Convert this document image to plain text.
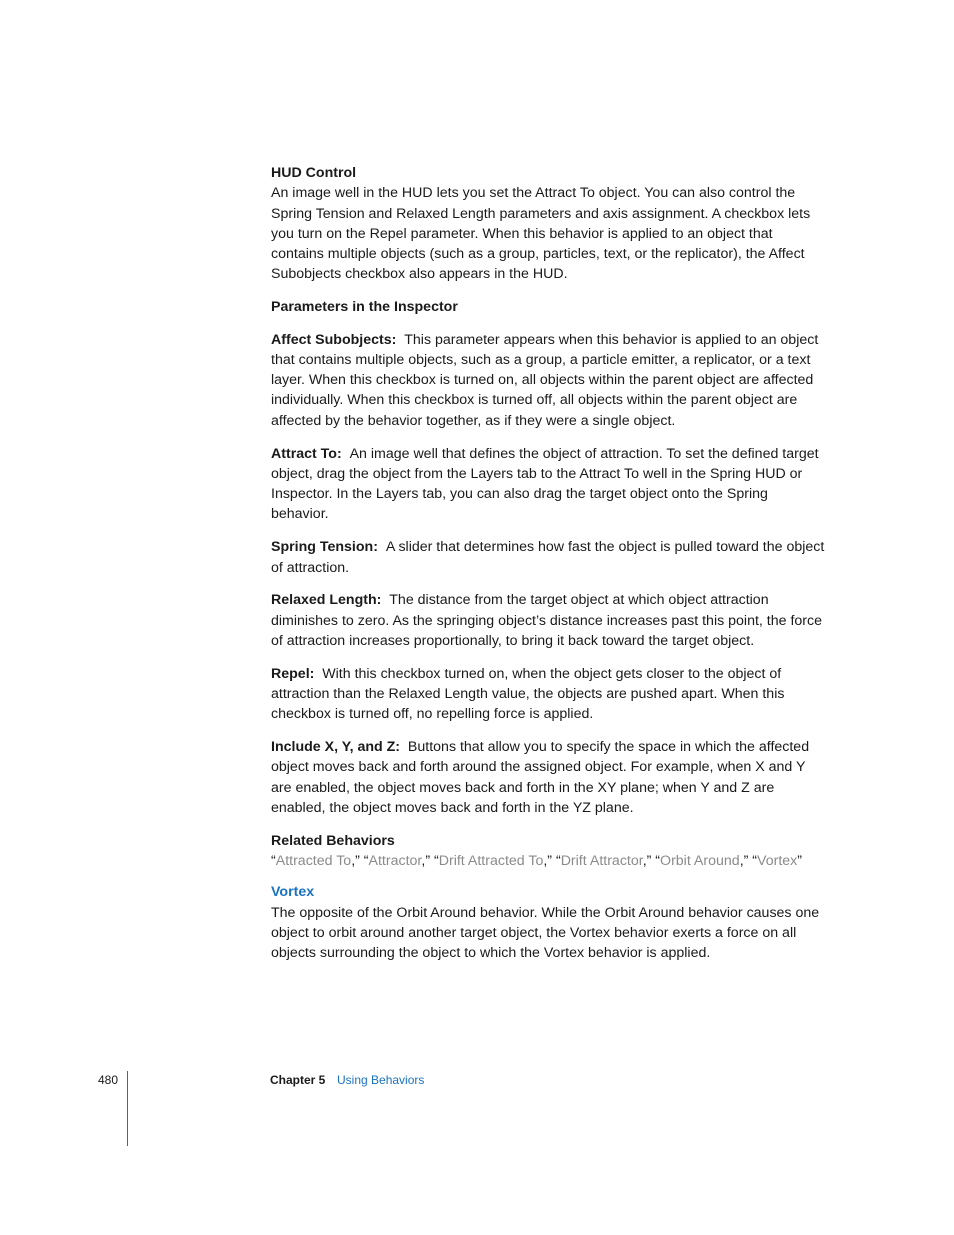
HUD Control

An image well in the HUD lets you set the Attract To object. You can also control the Spring Tension and Relaxed Length parameters and axis assignment. A checkbox lets you turn on the Repel parameter. When this behavior is applied to an object that contains multiple objects (such as a group, particles, text, or the replicator), the Affect Subobjects checkbox also appears in the HUD.

Parameters in the Inspector

Affect Subobjects: This parameter appears when this behavior is applied to an object that contains multiple objects, such as a group, a particle emitter, a replicator, or a text layer. When this checkbox is turned on, all objects within the parent object are affected individually. When this checkbox is turned off, all objects within the parent object are affected by the behavior together, as if they were a single object.

Attract To: An image well that defines the object of attraction. To set the defined target object, drag the object from the Layers tab to the Attract To well in the Spring HUD or Inspector. In the Layers tab, you can also drag the target object onto the Spring behavior.

Spring Tension: A slider that determines how fast the object is pulled toward the object of attraction.

Relaxed Length: The distance from the target object at which object attraction diminishes to zero. As the springing object’s distance increases past this point, the force of attraction increases proportionally, to bring it back toward the target object.

Repel: With this checkbox turned on, when the object gets closer to the object of attraction than the Relaxed Length value, the objects are pushed apart. When this checkbox is turned off, no repelling force is applied.

Include X, Y, and Z: Buttons that allow you to specify the space in which the affected object moves back and forth around the assigned object. For example, when X and Y are enabled, the object moves back and forth in the XY plane; when Y and Z are enabled, the object moves back and forth in the YZ plane.

Related Behaviors

“Attracted To,” “Attractor,” “Drift Attracted To,” “Drift Attractor,” “Orbit Around,” “Vortex”

Vortex

The opposite of the Orbit Around behavior. While the Orbit Around behavior causes one object to orbit around another target object, the Vortex behavior exerts a force on all objects surrounding the object to which the Vortex behavior is applied.

480	Chapter 5 Using Behaviors
